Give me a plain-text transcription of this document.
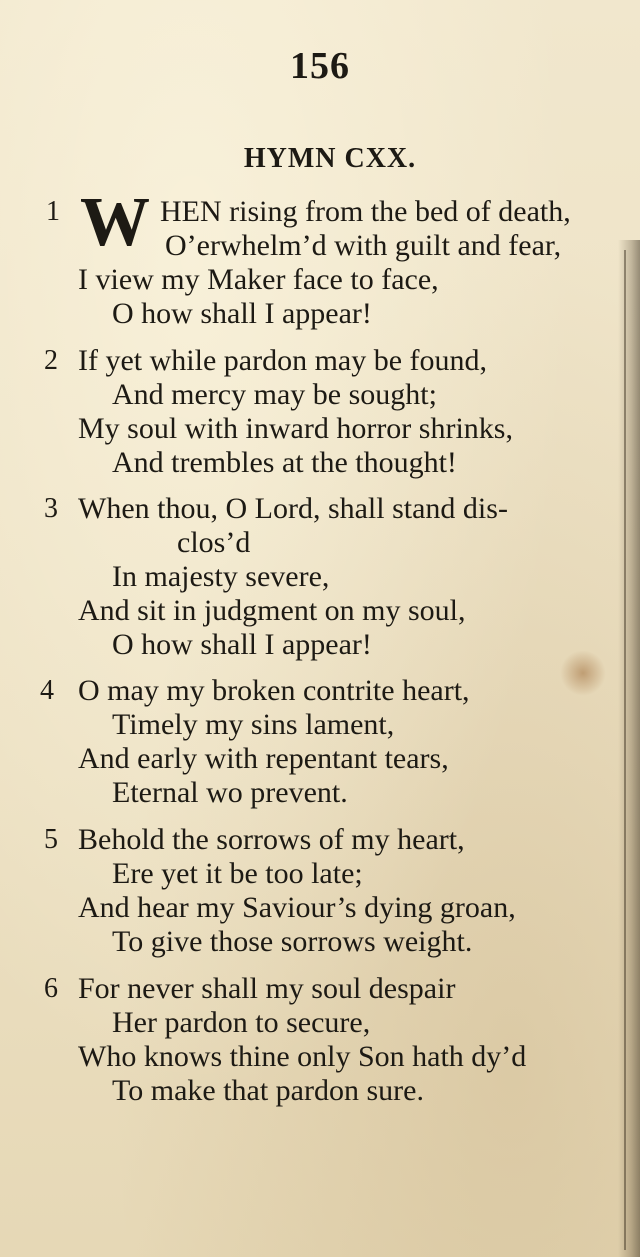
156
HYMN CXX.
1 W HEN rising from the bed of death,
O’erwhelm’d with guilt and fear,
I view my Maker face to face,
O how shall I appear!
2 If yet while pardon may be found,
And mercy may be sought;
My soul with inward horror shrinks,
And trembles at the thought!
3 When thou, O Lord, shall stand dis-
clos’d
In majesty severe,
And sit in judgment on my soul,
O how shall I appear!
4 O may my broken contrite heart,
Timely my sins lament,
And early with repentant tears,
Eternal wo prevent.
5 Behold the sorrows of my heart,
Ere yet it be too late;
And hear my Saviour’s dying groan,
To give those sorrows weight.
6 For never shall my soul despair
Her pardon to secure,
Who knows thine only Son hath dy’d
To make that pardon sure.
